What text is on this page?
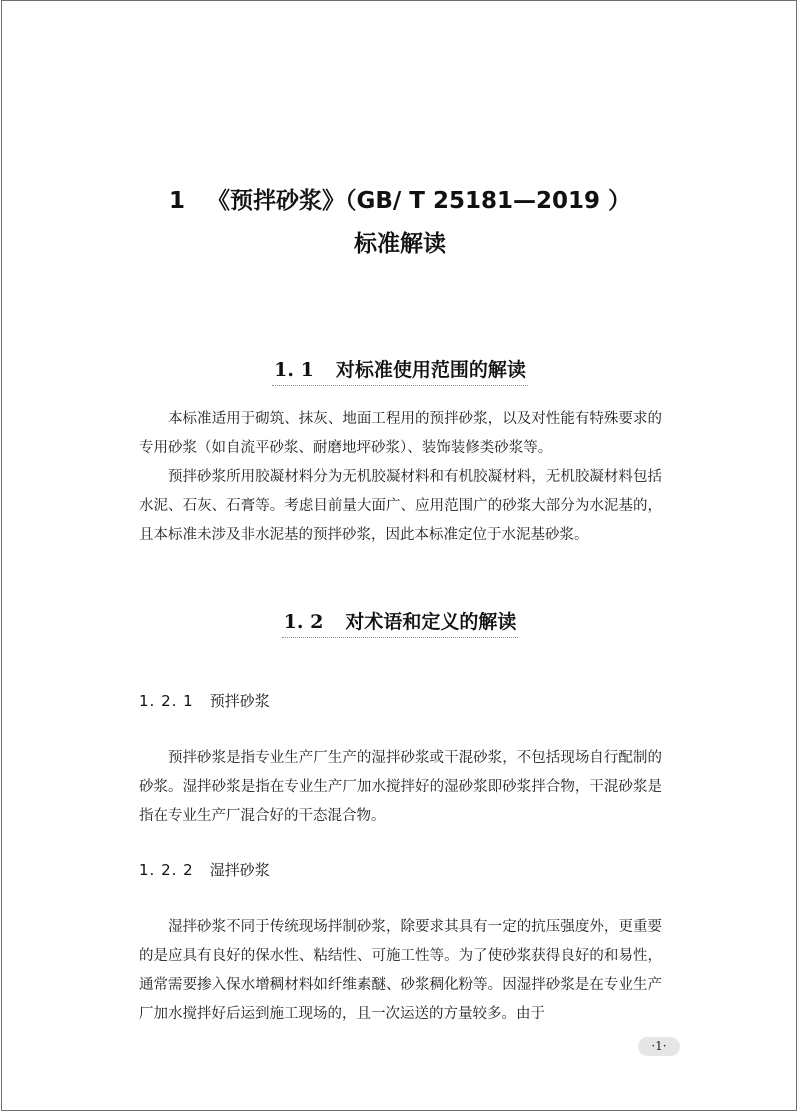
1 《预拌砂浆》（GB/ T 25181—2019 ）
标准解读
1. 1 对标准使用范围的解读

本标准适用于砌筑、抹灰、地面工程用的预拌砂浆，以及对性能有特殊要求的专用砂浆（如自流平砂浆、耐磨地坪砂浆）、装饰装修类砂浆等。

预拌砂浆所用胶凝材料分为无机胶凝材料和有机胶凝材料，无机胶凝材料包括水泥、石灰、石膏等。考虑目前量大面广、应用范围广的砂浆大部分为水泥基的，且本标准未涉及非水泥基的预拌砂浆，因此本标准定位于水泥基砂浆。

1. 2 对术语和定义的解读
1. 2. 1 预拌砂浆

预拌砂浆是指专业生产厂生产的湿拌砂浆或干混砂浆，不包括现场自行配制的砂浆。湿拌砂浆是指在专业生产厂加水搅拌好的湿砂浆即砂浆拌合物，干混砂浆是指在专业生产厂混合好的干态混合物。

1. 2. 2 湿拌砂浆

湿拌砂浆不同于传统现场拌制砂浆，除要求其具有一定的抗压强度外，更重要的是应具有良好的保水性、粘结性、可施工性等。为了使砂浆获得良好的和易性，通常需要掺入保水增稠材料如纤维素醚、砂浆稠化粉等。因湿拌砂浆是在专业生产厂加水搅拌好后运到施工现场的，且一次运送的方量较多。由于

·1·
